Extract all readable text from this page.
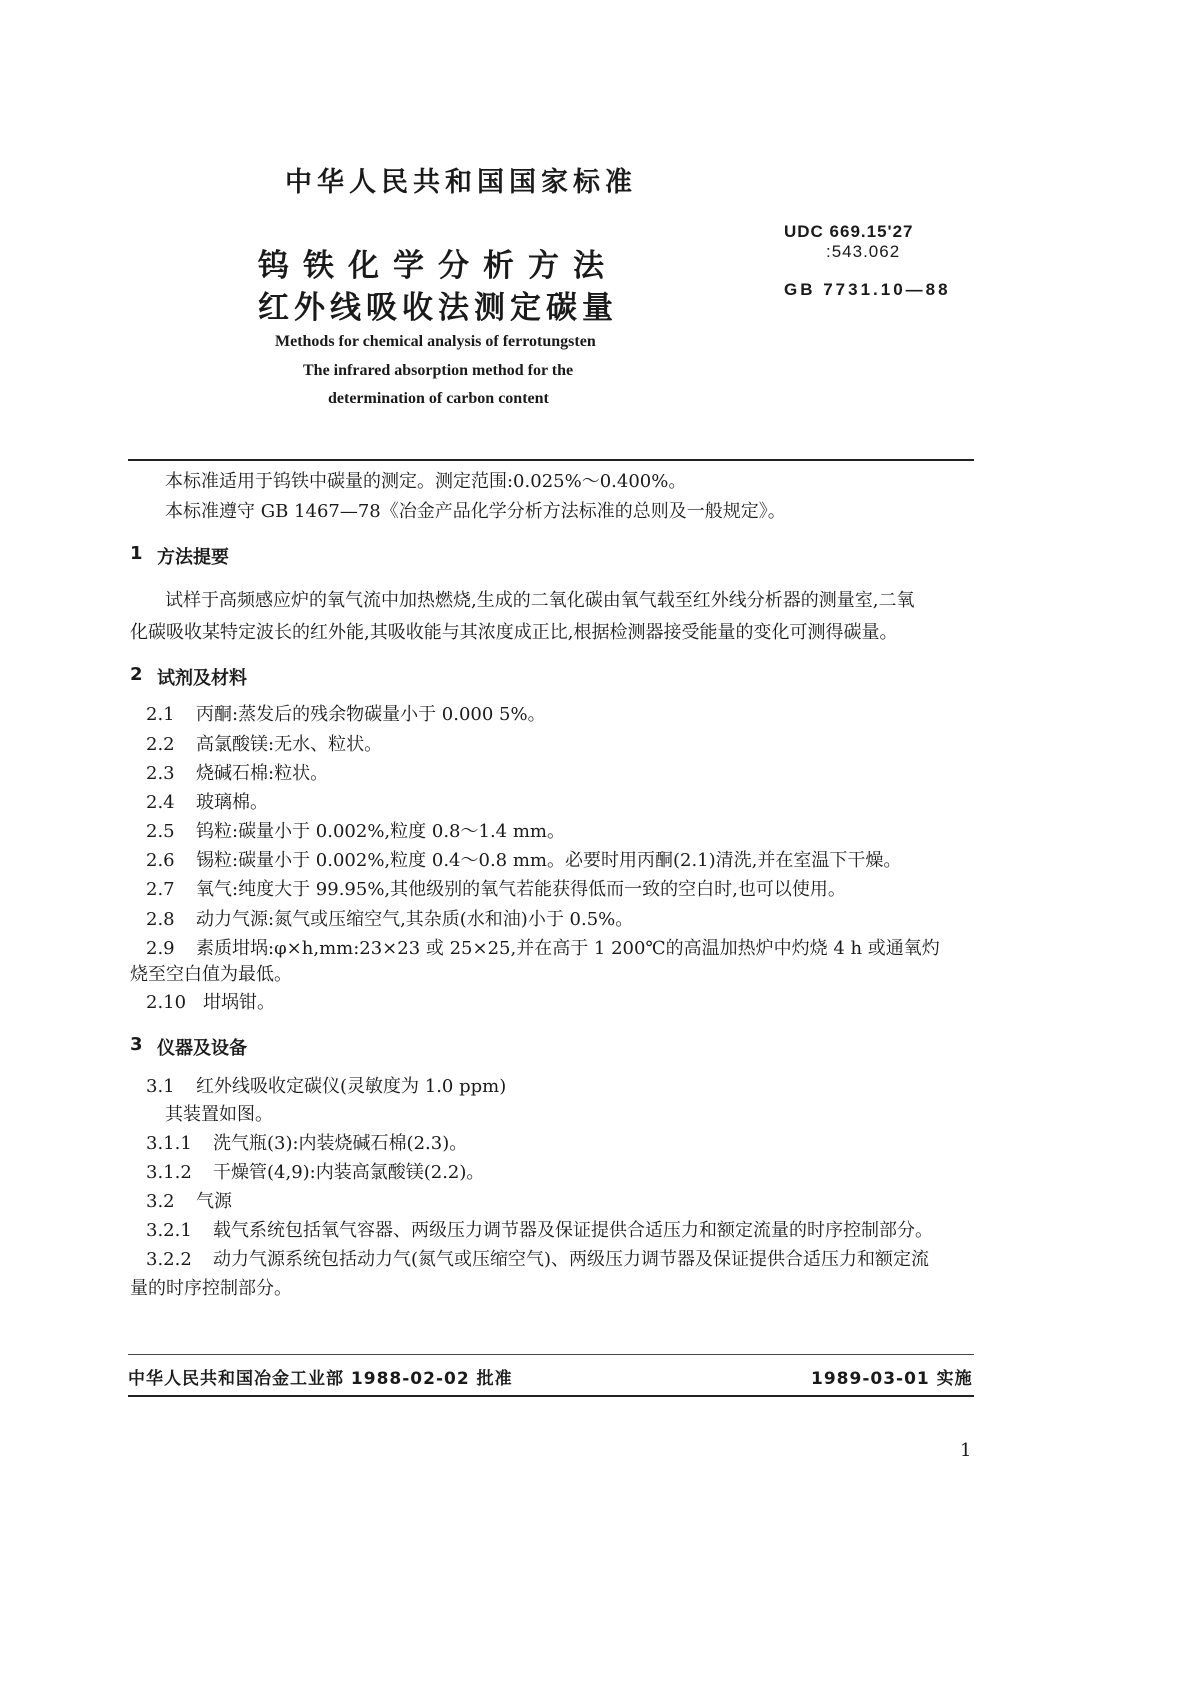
中华人民共和国国家标准
钨铁化学分析方法
红外线吸收法测定碳量
UDC 669.15'27
:543.062
GB 7731.10—88
Methods for chemical analysis of ferrotungsten
The infrared absorption method for the
determination of carbon content
本标准适用于钨铁中碳量的测定。测定范围:0.025%～0.400%。
本标准遵守 GB 1467—78《冶金产品化学分析方法标准的总则及一般规定》。
1 方法提要
试样于高频感应炉的氧气流中加热燃烧,生成的二氧化碳由氧气载至红外线分析器的测量室,二氧
化碳吸收某特定波长的红外能,其吸收能与其浓度成正比,根据检测器接受能量的变化可测得碳量。
2 试剂及材料
2.1 丙酮:蒸发后的残余物碳量小于 0.000 5%。
2.2 高氯酸镁:无水、粒状。
2.3 烧碱石棉:粒状。
2.4 玻璃棉。
2.5 钨粒:碳量小于 0.002%,粒度 0.8～1.4 mm。
2.6 锡粒:碳量小于 0.002%,粒度 0.4～0.8 mm。必要时用丙酮(2.1)清洗,并在室温下干燥。
2.7 氧气:纯度大于 99.95%,其他级别的氧气若能获得低而一致的空白时,也可以使用。
2.8 动力气源:氮气或压缩空气,其杂质(水和油)小于 0.5%。
2.9 素质坩埚:φ×h,mm:23×23 或 25×25,并在高于 1 200℃的高温加热炉中灼烧 4 h 或通氧灼
烧至空白值为最低。
2.10 坩埚钳。
3 仪器及设备
3.1 红外线吸收定碳仪(灵敏度为 1.0 ppm)
其装置如图。
3.1.1 洗气瓶(3):内装烧碱石棉(2.3)。
3.1.2 干燥管(4,9):内装高氯酸镁(2.2)。
3.2 气源
3.2.1 载气系统包括氧气容器、两级压力调节器及保证提供合适压力和额定流量的时序控制部分。
3.2.2 动力气源系统包括动力气(氮气或压缩空气)、两级压力调节器及保证提供合适压力和额定流
量的时序控制部分。
中华人民共和国冶金工业部 1988-02-02 批准	1989-03-01 实施
1
